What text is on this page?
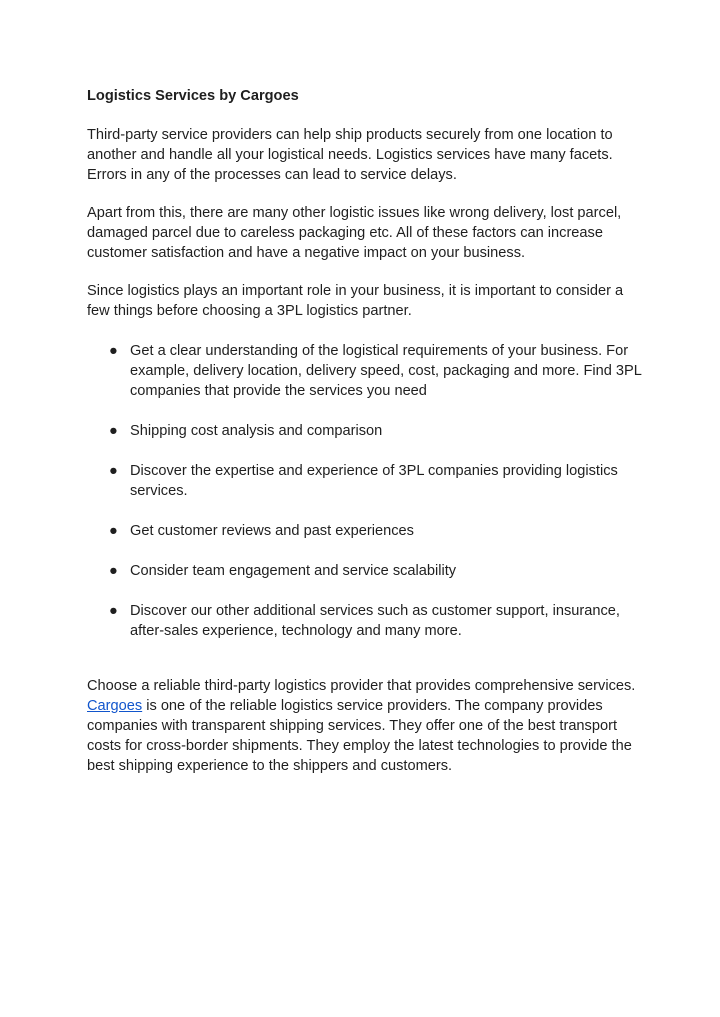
Logistics Services by Cargoes

Third-party service providers can help ship products securely from one location to another and handle all your logistical needs. Logistics services have many facets. Errors in any of the processes can lead to service delays.

Apart from this, there are many other logistic issues like wrong delivery, lost parcel, damaged parcel due to careless packaging etc. All of these factors can increase customer satisfaction and have a negative impact on your business.

Since logistics plays an important role in your business, it is important to consider a few things before choosing a 3PL logistics partner.

● Get a clear understanding of the logistical requirements of your business. For example, delivery location, delivery speed, cost, packaging and more. Find 3PL companies that provide the services you need
● Shipping cost analysis and comparison
● Discover the expertise and experience of 3PL companies providing logistics services.
● Get customer reviews and past experiences
● Consider team engagement and service scalability
● Discover our other additional services such as customer support, insurance, after-sales experience, technology and many more.

Choose a reliable third-party logistics provider that provides comprehensive services. Cargoes is one of the reliable logistics service providers. The company provides companies with transparent shipping services. They offer one of the best transport costs for cross-border shipments. They employ the latest technologies to provide the best shipping experience to the shippers and customers.
